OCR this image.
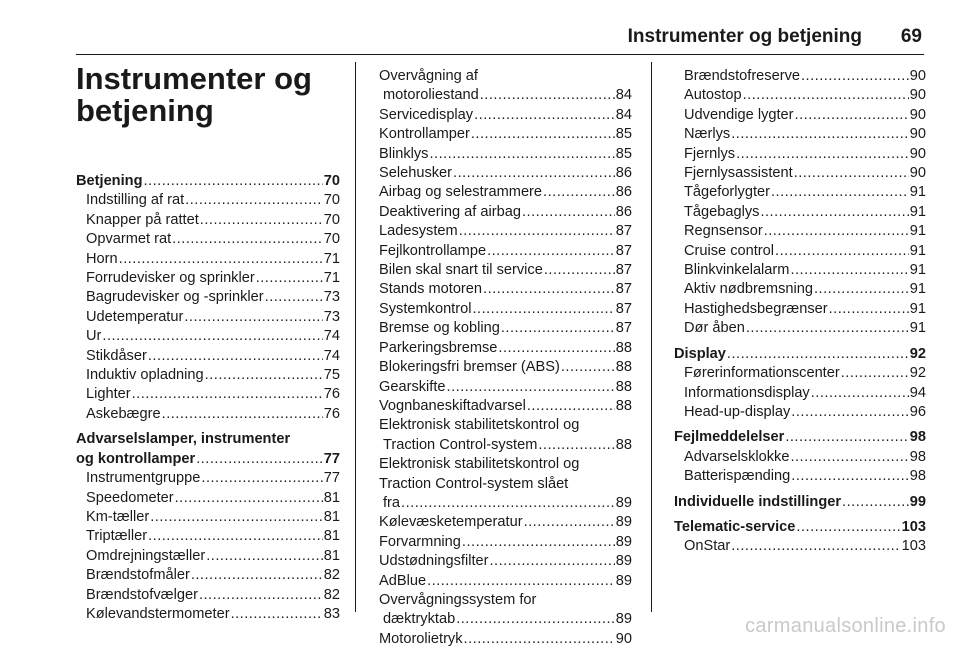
Instrumenter og betjening 69
Instrumenter og betjening
Betjening .....	70
Indstilling af rat .....	70
Knapper på rattet .....	70
Opvarmet rat .....	70
Horn .....	71
Forrudevisker og sprinkler .....	71
Bagrudevisker og -sprinkler .....	73
Udetemperatur .....	73
Ur .....	74
Stikdåser .....	74
Induktiv opladning .....	75
Lighter .....	76
Askebægre .....	76
Advarselslamper, instrumenter
og kontrollamper .....	77
Instrumentgruppe .....	77
Speedometer .....	81
Km-tæller .....	81
Triptæller .....	81
Omdrejningstæller .....	81
Brændstofmåler .....	82
Brændstofvælger .....	82
Kølevandstermometer .....	83
Overvågning af
motoroliestand .....	84
Servicedisplay .....	84
Kontrollamper .....	85
Blinklys .....	85
Selehusker .....	86
Airbag og selestrammere .....	86
Deaktivering af airbag .....	86
Ladesystem .....	87
Fejlkontrollampe .....	87
Bilen skal snart til service .....	87
Stands motoren .....	87
Systemkontrol .....	87
Bremse og kobling .....	87
Parkeringsbremse .....	88
Blokeringsfri bremser (ABS) .....	88
Gearskifte .....	88
Vognbaneskiftadvarsel .....	88
Elektronisk stabilitetskontrol og
Traction Control-system .....	88
Elektronisk stabilitetskontrol og
Traction Control-system slået
fra .....	89
Kølevæsketemperatur .....	89
Forvarmning .....	89
Udstødningsfilter .....	89
AdBlue .....	89
Overvågningssystem for
dæktryktab .....	89
Motorolietryk .....	90
Brændstofreserve .....	90
Autostop .....	90
Udvendige lygter .....	90
Nærlys .....	90
Fjernlys .....	90
Fjernlysassistent .....	90
Tågeforlygter .....	91
Tågebaglys .....	91
Regnsensor .....	91
Cruise control .....	91
Blinkvinkelalarm .....	91
Aktiv nødbremsning .....	91
Hastighedsbegrænser .....	91
Dør åben .....	91
Display .....	92
Førerinformationscenter .....	92
Informationsdisplay .....	94
Head-up-display .....	96
Fejlmeddelelser .....	98
Advarselsklokke .....	98
Batterispænding .....	98
Individuelle indstillinger .....	99
Telematic-service .....	103
OnStar .....	103
carmanualsonline.info
